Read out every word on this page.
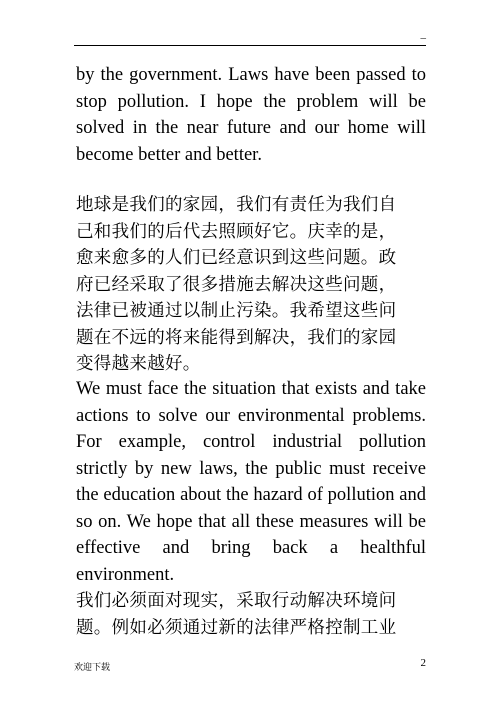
–
by the government. Laws have been passed to
stop pollution. I hope the problem will be
solved in the near future and our home will
become better and better.
地球是我们的家园，我们有责任为我们自
己和我们的后代去照顾好它。庆幸的是，
愈来愈多的人们已经意识到这些问题。政
府已经采取了很多措施去解决这些问题，
法律已被通过以制止污染。我希望这些问
题在不远的将来能得到解决，我们的家园
变得越来越好。
We must face the situation that exists and take
actions to solve our environmental problems.
For example, control industrial pollution
strictly by new laws, the public must receive
the education about the hazard of pollution and
so on. We hope that all these measures will be
effective and bring back a healthful
environment.
我们必须面对现实，采取行动解决环境问
题。例如必须通过新的法律严格控制工业
欢迎下载	2
